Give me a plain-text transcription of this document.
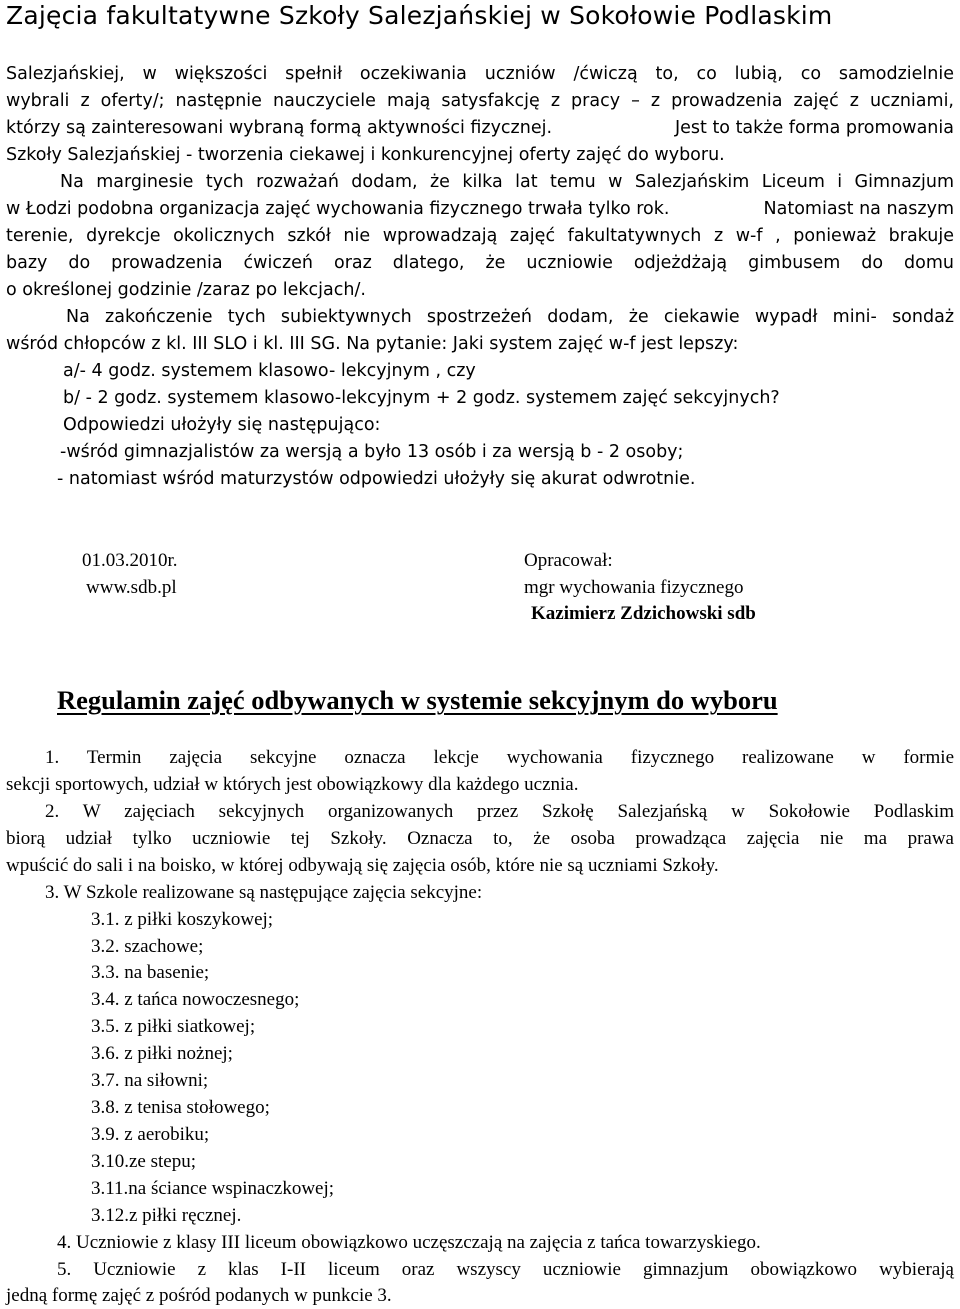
Zajęcia fakultatywne Szkoły Salezjańskiej w Sokołowie Podlaskim
Salezjańskiej, w większości spełnił oczekiwania uczniów /ćwiczą to, co lubią, co samodzielnie
wybrali z oferty/; następnie nauczyciele mają satysfakcję z pracy – z prowadzenia zajęć z uczniami,
którzy są zainteresowani wybraną formą aktywności fizycznej.	Jest to także forma promowania
Szkoły Salezjańskiej - tworzenia ciekawej i konkurencyjnej oferty zajęć do wyboru.
Na marginesie tych rozważań dodam, że kilka lat temu w Salezjańskim Liceum i Gimnazjum
w Łodzi podobna organizacja zajęć wychowania fizycznego trwała tylko rok.	Natomiast na naszym
terenie, dyrekcje okolicznych szkół nie wprowadzają zajęć fakultatywnych z w-f , ponieważ brakuje
bazy do prowadzenia ćwiczeń oraz dlatego, że uczniowie odjeżdżają gimbusem do domu
o określonej godzinie /zaraz po lekcjach/.
Na zakończenie tych subiektywnych spostrzeżeń dodam, że ciekawie wypadł mini- sondaż
wśród chłopców z kl. III SLO i kl. III SG. Na pytanie: Jaki system zajęć w-f jest lepszy:
a/- 4 godz. systemem klasowo- lekcyjnym , czy
b/ - 2 godz. systemem klasowo-lekcyjnym + 2 godz. systemem zajęć sekcyjnych?
Odpowiedzi ułożyły się następująco:
-wśród gimnazjalistów za wersją a było 13 osób i za wersją b - 2 osoby;
- natomiast wśród maturzystów odpowiedzi ułożyły się akurat odwrotnie.
01.03.2010r.
www.sdb.pl
Opracował:
mgr wychowania fizycznego
Kazimierz Zdzichowski sdb
Regulamin zajęć odbywanych w systemie sekcyjnym do wyboru
1. Termin zajęcia sekcyjne oznacza lekcje wychowania fizycznego realizowane w formie
sekcji sportowych, udział w których jest obowiązkowy dla każdego ucznia.
2. W zajęciach sekcyjnych organizowanych przez Szkołę Salezjańską w Sokołowie Podlaskim
biorą udział tylko uczniowie tej Szkoły. Oznacza to, że osoba prowadząca zajęcia nie ma prawa
wpuścić do sali i na boisko, w której odbywają się zajęcia osób, które nie są uczniami Szkoły.
3. W Szkole realizowane są następujące zajęcia sekcyjne:
3.1. z piłki koszykowej;
3.2. szachowe;
3.3. na basenie;
3.4. z tańca nowoczesnego;
3.5. z piłki siatkowej;
3.6. z piłki nożnej;
3.7. na siłowni;
3.8. z tenisa stołowego;
3.9. z aerobiku;
3.10.ze stepu;
3.11.na ściance wspinaczkowej;
3.12.z piłki ręcznej.
4. Uczniowie z klasy III liceum obowiązkowo uczęszczają na zajęcia z tańca towarzyskiego.
5. Uczniowie z klas I-II liceum oraz wszyscy uczniowie gimnazjum obowiązkowo wybierają
jedną formę zajęć z pośród podanych w punkcie 3.
